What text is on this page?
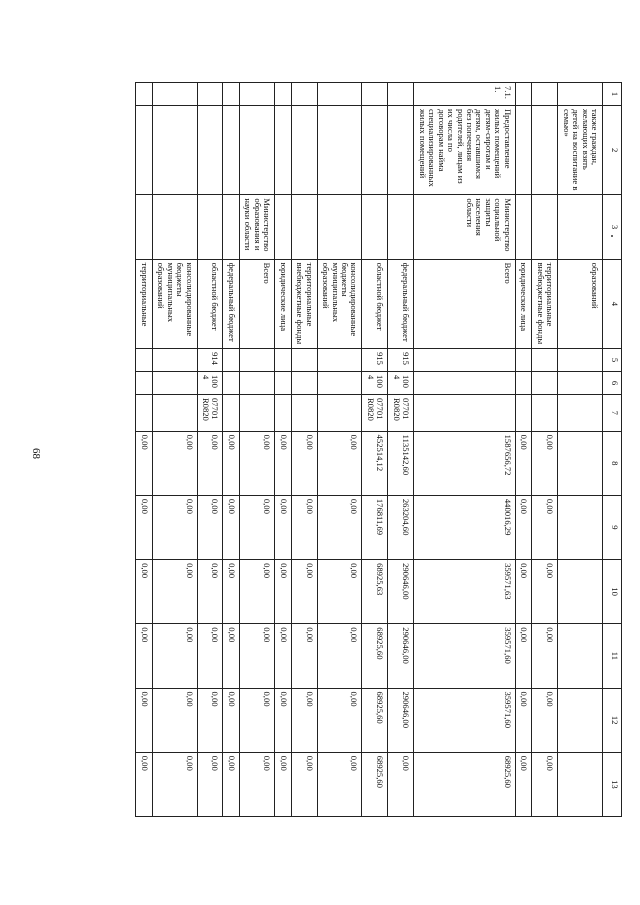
68
1	2	3	4	5	6	7	8	9	10	11	12	13
	также граждан, желающих взять детей на воспитание в семью»		образований									
			территориальные внебюджетные фонды				0,00	0,00	0,00	0,00	0,00	0,00
			юридические лица				0,00	0,00	0,00	0,00	0,00	0,00
7.1.1.	Предоставление жилых помещений детям-сиротам и детям, оставшимся без попечения родителей, лицам из их числа по договорам найма специализированных жилых помещений	Министерство социальной защиты населения области	Всего				1587656,72	440016,29	359571,63	359571,60	359571,60	68925,60
			федеральный бюджет	915	1004	07701 R0820	1135142,60	263204,60	290646,00	290646,00	290646,00	0,00
			областной бюджет	915	1004	07701 R0820	452514,12	176811,69	68925,63	68925,60	68925,60	68925,60
			консолидированные бюджеты муниципальных образований				0,00	0,00	0,00	0,00	0,00	0,00
			территориальные внебюджетные фонды				0,00	0,00	0,00	0,00	0,00	0,00
			юридические лица				0,00	0,00	0,00	0,00	0,00	0,00
		Министерство образования и науки области	Всего				0,00	0,00	0,00	0,00	0,00	0,00
			федеральный бюджет				0,00	0,00	0,00	0,00	0,00	0,00
			областной бюджет	914	1004	07701 R0820	0,00	0,00	0,00	0,00	0,00	0,00
			консолидированные бюджеты муниципальных образований				0,00	0,00	0,00	0,00	0,00	0,00
			территориальные				0,00	0,00	0,00	0,00	0,00	0,00
